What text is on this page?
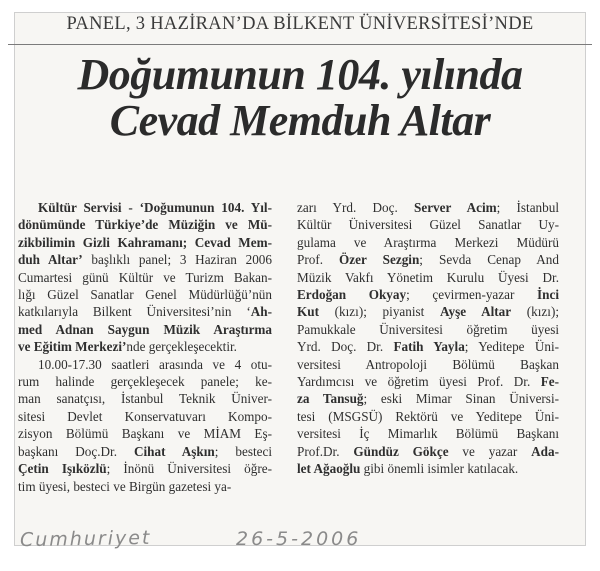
PANEL, 3 HAZİRAN’DA BİLKENT ÜNİVERSİTESİ’NDE
Doğumunun 104. yılında
Cevad Memduh Altar
Kültür Servisi - ‘Doğumunun 104. Yıl-
dönümünde Türkiye’de Müziğin ve Mü-
zikbilimin Gizli Kahramanı; Cevad Mem-
duh Altar’ başlıklı panel; 3 Haziran 2006
Cumartesi günü Kültür ve Turizm Bakan-
lığı Güzel Sanatlar Genel Müdürlüğü’nün
katkılarıyla Bilkent Üniversitesi’nin ‘Ah-
med Adnan Saygun Müzik Araştırma
ve Eğitim Merkezi’nde gerçekleşecektir.
10.00-17.30 saatleri arasında ve 4 otu-
rum halinde gerçekleşecek panele; ke-
man sanatçısı, İstanbul Teknik Üniver-
sitesi Devlet Konservatuvarı Kompo-
zisyon Bölümü Başkanı ve MİAM Eş-
başkanı Doç.Dr. Cihat Aşkın; besteci
Çetin Işıközlü; İnönü Üniversitesi öğre-
tim üyesi, besteci ve Birgün gazetesi ya-
zarı Yrd. Doç. Server Acim; İstanbul
Kültür Üniversitesi Güzel Sanatlar Uy-
gulama ve Araştırma Merkezi Müdürü
Prof. Özer Sezgin; Sevda Cenap And
Müzik Vakfı Yönetim Kurulu Üyesi Dr.
Erdoğan Okyay; çevirmen-yazar İnci
Kut (kızı); piyanist Ayşe Altar (kızı);
Pamukkale Üniversitesi öğretim üyesi
Yrd. Doç. Dr. Fatih Yayla; Yeditepe Üni-
versitesi Antropoloji Bölümü Başkan
Yardımcısı ve öğretim üyesi Prof. Dr. Fe-
za Tansuğ; eski Mimar Sinan Üniversi-
tesi (MSGSÜ) Rektörü ve Yeditepe Üni-
versitesi İç Mimarlık Bölümü Başkanı
Prof.Dr. Gündüz Gökçe ve yazar Ada-
let Ağaoğlu gibi önemli isimler katılacak.
Cumhuriyet	26-5-2006
